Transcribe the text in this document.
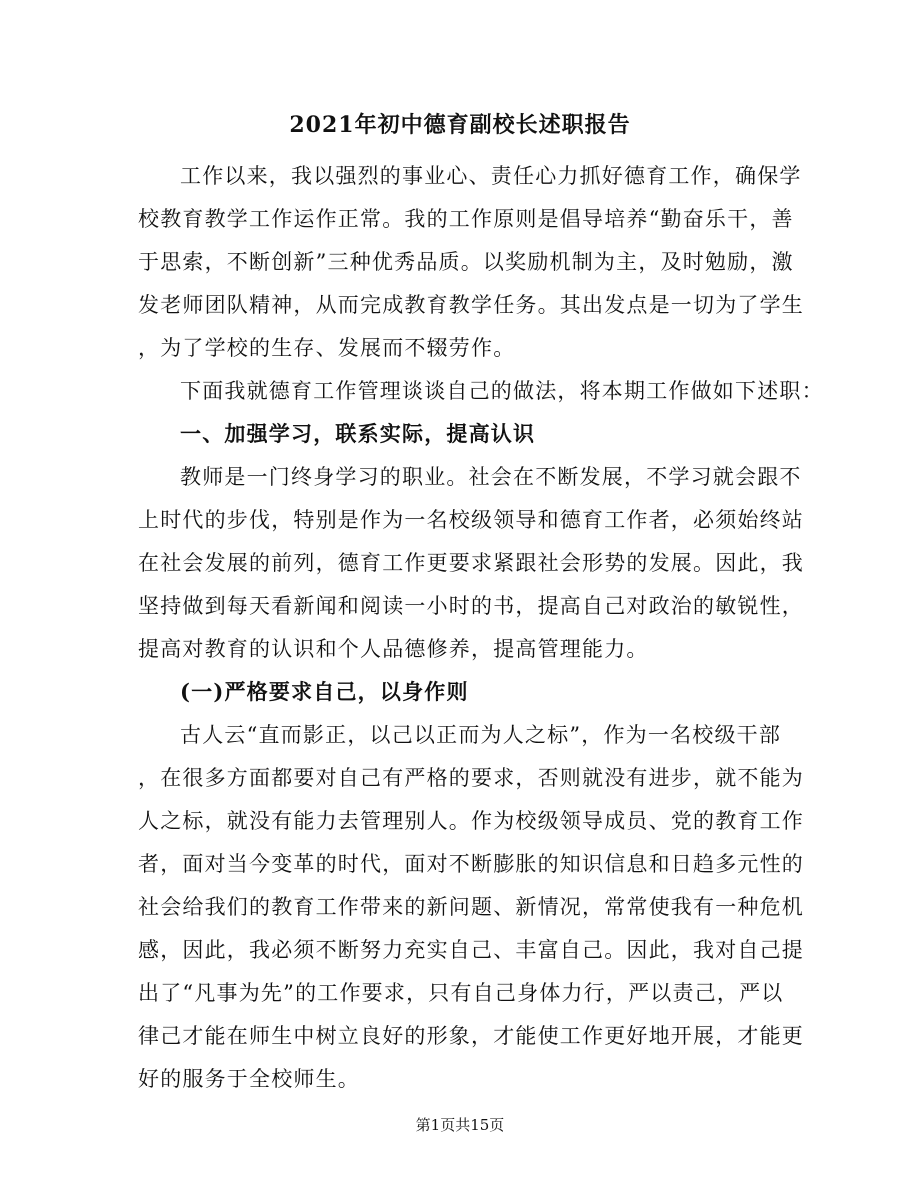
2021年初中德育副校长述职报告
工作以来，我以强烈的事业心、责任心力抓好德育工作，确保学
校教育教学工作运作正常。我的工作原则是倡导培养“勤奋乐干，善
于思索，不断创新”三种优秀品质。以奖励机制为主，及时勉励，激
发老师团队精神，从而完成教育教学任务。其出发点是一切为了学生
，为了学校的生存、发展而不辍劳作。
下面我就德育工作管理谈谈自己的做法，将本期工作做如下述职：
一、加强学习，联系实际，提高认识
教师是一门终身学习的职业。社会在不断发展，不学习就会跟不
上时代的步伐，特别是作为一名校级领导和德育工作者，必须始终站
在社会发展的前列，德育工作更要求紧跟社会形势的发展。因此，我
坚持做到每天看新闻和阅读一小时的书，提高自己对政治的敏锐性，
提高对教育的认识和个人品德修养，提高管理能力。
(一)严格要求自己，以身作则
古人云“直而影正，以己以正而为人之标”，作为一名校级干部
，在很多方面都要对自己有严格的要求，否则就没有进步，就不能为
人之标，就没有能力去管理别人。作为校级领导成员、党的教育工作
者，面对当今变革的时代，面对不断膨胀的知识信息和日趋多元性的
社会给我们的教育工作带来的新问题、新情况，常常使我有一种危机
感，因此，我必须不断努力充实自己、丰富自己。因此，我对自己提
出了“凡事为先”的工作要求，只有自己身体力行，严以责己，严以
律己才能在师生中树立良好的形象，才能使工作更好地开展，才能更
好的服务于全校师生。
第1页共15页
